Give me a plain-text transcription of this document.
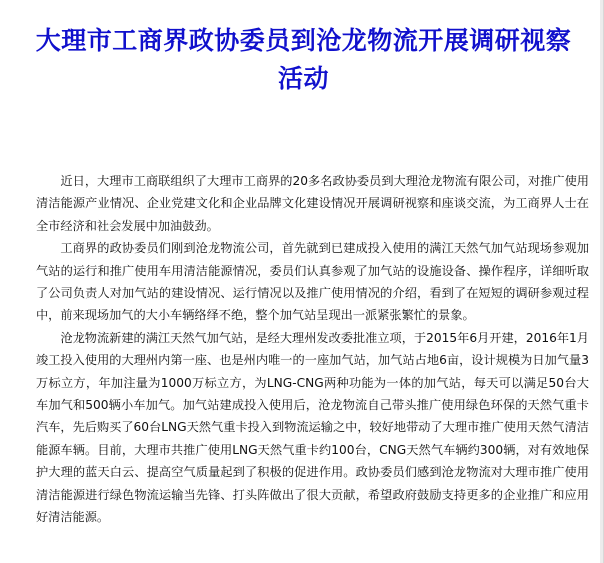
大理市工商界政协委员到沧龙物流开展调研视察活动

近日，大理市工商联组织了大理市工商界的20多名政协委员到大理沧龙物流有限公司，对推广使用清洁能源产业情况、企业党建文化和企业品牌文化建设情况开展调研视察和座谈交流，为工商界人士在全市经济和社会发展中加油鼓劲。

工商界的政协委员们刚到沧龙物流公司，首先就到已建成投入使用的满江天然气加气站现场参观加气站的运行和推广使用车用清洁能源情况，委员们认真参观了加气站的设施设备、操作程序，详细听取了公司负责人对加气站的建设情况、运行情况以及推广使用情况的介绍，看到了在短短的调研参观过程中，前来现场加气的大小车辆络绎不绝，整个加气站呈现出一派紧张繁忙的景象。

沧龙物流新建的满江天然气加气站，是经大理州发改委批准立项，于2015年6月开建，2016年1月竣工投入使用的大理州内第一座、也是州内唯一的一座加气站，加气站占地6亩，设计规模为日加气量3万标立方，年加注量为1000万标立方，为LNG-CNG两种功能为一体的加气站，每天可以满足50台大车加气和500辆小车加气。加气站建成投入使用后，沧龙物流自己带头推广使用绿色环保的天然气重卡汽车，先后购买了60台LNG天然气重卡投入到物流运输之中，较好地带动了大理市推广使用天然气清洁能源车辆。目前，大理市共推广使用LNG天然气重卡约100台，CNG天然气车辆约300辆，对有效地保护大理的蓝天白云、提高空气质量起到了积极的促进作用。政协委员们感到沧龙物流对大理市推广使用清洁能源进行绿色物流运输当先锋、打头阵做出了很大贡献，希望政府鼓励支持更多的企业推广和应用好清洁能源。
